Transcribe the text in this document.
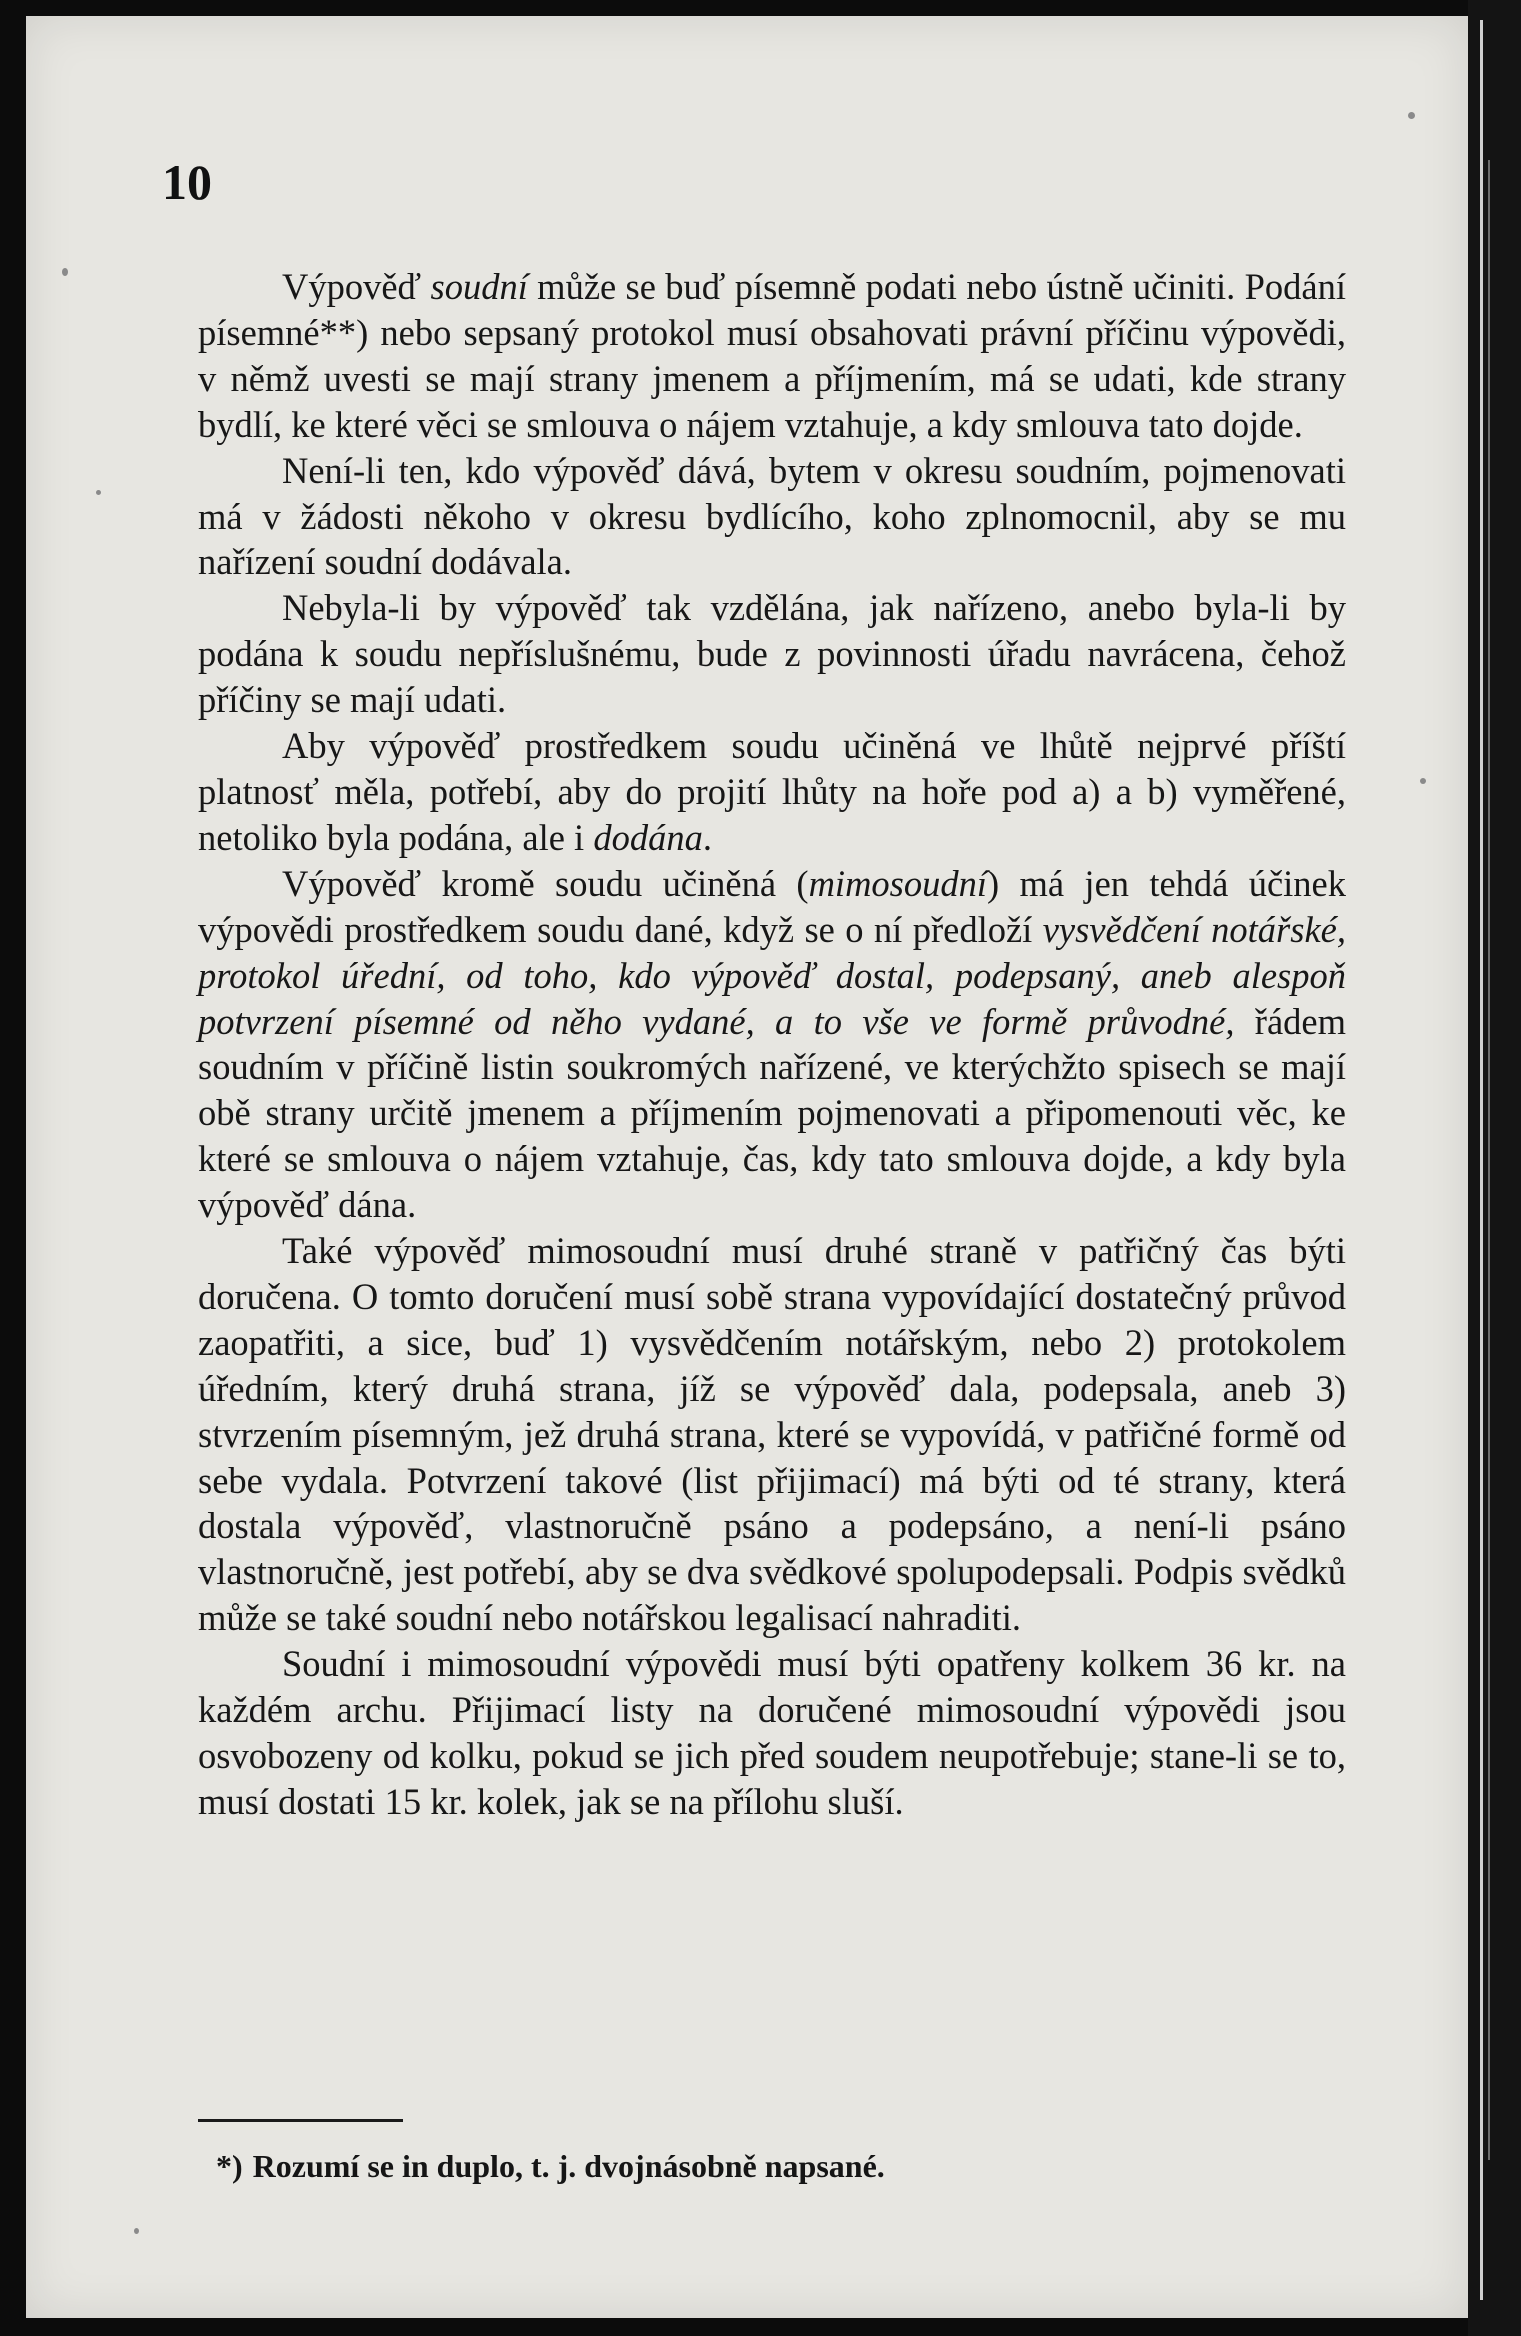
10

Výpověď soudní může se buď písemně podati nebo ústně učiniti. Podání písemné**) nebo sepsaný protokol musí obsahovati právní příčinu výpovědi, v němž uvesti se mají strany jmenem a příjmením, má se udati, kde strany bydlí, ke které věci se smlouva o nájem vztahuje, a kdy smlouva tato dojde.

Není-li ten, kdo výpověď dává, bytem v okresu soudním, pojmenovati má v žádosti někoho v okresu bydlícího, koho zplnomocnil, aby se mu nařízení soudní dodávala.

Nebyla-li by výpověď tak vzdělána, jak nařízeno, anebo byla-li by podána k soudu nepříslušnému, bude z povinnosti úřadu navrácena, čehož příčiny se mají udati.

Aby výpověď prostředkem soudu učiněná ve lhůtě nejprvé příští platnosť měla, potřebí, aby do projití lhůty na hoře pod a) a b) vyměřené, netoliko byla podána, ale i dodána.

Výpověď kromě soudu učiněná (mimosoudní) má jen tehdá účinek výpovědi prostředkem soudu dané, když se o ní předloží vysvědčení notářské, protokol úřední, od toho, kdo výpověď dostal, podepsaný, aneb alespoň potvrzení písemné od něho vydané, a to vše ve formě průvodné, řádem soudním v příčině listin soukromých nařízené, ve kterýchžto spisech se mají obě strany určitě jmenem a příjmením pojmenovati a připomenouti věc, ke které se smlouva o nájem vztahuje, čas, kdy tato smlouva dojde, a kdy byla výpověď dána.

Také výpověď mimosoudní musí druhé straně v patřičný čas býti doručena. O tomto doručení musí sobě strana vypovídající dostatečný průvod zaopatřiti, a sice, buď 1) vysvědčením notářským, nebo 2) protokolem úředním, který druhá strana, jíž se výpověď dala, podepsala, aneb 3) stvrzením písemným, jež druhá strana, které se vypovídá, v patřičné formě od sebe vydala. Potvrzení takové (list přijimací) má býti od té strany, která dostala výpověď, vlastnoručně psáno a podepsáno, a není-li psáno vlastnoručně, jest potřebí, aby se dva svědkové spolupodepsali. Podpis svědků může se také soudní nebo notářskou legalisací nahraditi.

Soudní i mimosoudní výpovědi musí býti opatřeny kolkem 36 kr. na každém archu. Přijimací listy na doručené mimosoudní výpovědi jsou osvobozeny od kolku, pokud se jich před soudem neupotřebuje; stane-li se to, musí dostati 15 kr. kolek, jak se na přílohu sluší.

*) Rozumí se in duplo, t. j. dvojnásobně napsané.
